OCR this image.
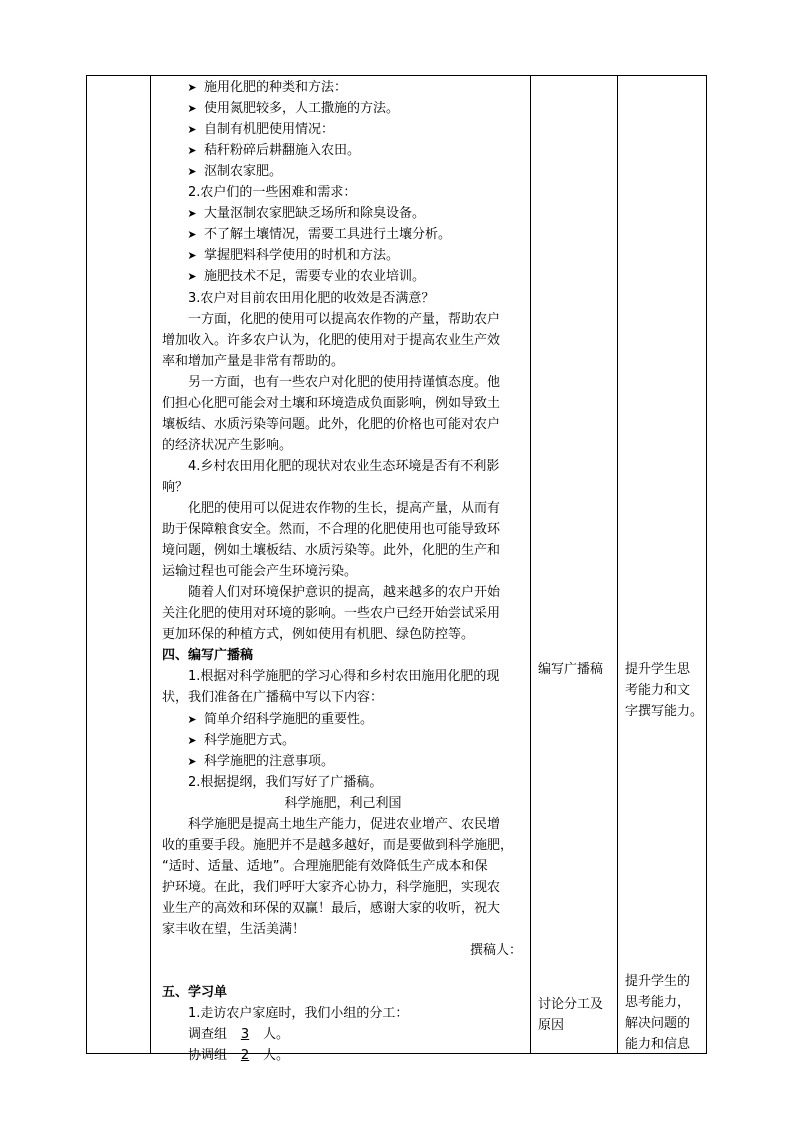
➤ 施用化肥的种类和方法：
➤ 使用氮肥较多，人工撒施的方法。
➤ 自制有机肥使用情况：
➤ 秸秆粉碎后耕翻施入农田。
➤ 沤制农家肥。
2.农户们的一些困难和需求：
➤ 大量沤制农家肥缺乏场所和除臭设备。
➤ 不了解土壤情况，需要工具进行土壤分析。
➤ 掌握肥料科学使用的时机和方法。
➤ 施肥技术不足，需要专业的农业培训。
3.农户对目前农田用化肥的收效是否满意？
一方面，化肥的使用可以提高农作物的产量，帮助农户
增加收入。许多农户认为，化肥的使用对于提高农业生产效
率和增加产量是非常有帮助的。
另一方面，也有一些农户对化肥的使用持谨慎态度。他
们担心化肥可能会对土壤和环境造成负面影响，例如导致土
壤板结、水质污染等问题。此外，化肥的价格也可能对农户
的经济状况产生影响。
4.乡村农田用化肥的现状对农业生态环境是否有不利影
响？
化肥的使用可以促进农作物的生长，提高产量，从而有
助于保障粮食安全。然而，不合理的化肥使用也可能导致环
境问题，例如土壤板结、水质污染等。此外，化肥的生产和
运输过程也可能会产生环境污染。
随着人们对环境保护意识的提高，越来越多的农户开始
关注化肥的使用对环境的影响。一些农户已经开始尝试采用
更加环保的种植方式，例如使用有机肥、绿色防控等。
四、编写广播稿
1.根据对科学施肥的学习心得和乡村农田施用化肥的现
状，我们准备在广播稿中写以下内容：
➤ 简单介绍科学施肥的重要性。
➤ 科学施肥方式。
➤ 科学施肥的注意事项。
2.根据提纲，我们写好了广播稿。
科学施肥，利己利国
科学施肥是提高土地生产能力，促进农业增产、农民增
收的重要手段。施肥并不是越多越好，而是要做到科学施肥，
“适时、适量、适地”。合理施肥能有效降低生产成本和保
护环境。在此，我们呼吁大家齐心协力，科学施肥，实现农
业生产的高效和环保的双赢！最后，感谢大家的收听，祝大
家丰收在望，生活美满！
撰稿人：
五、学习单
1.走访农户家庭时，我们小组的分工：
调查组 3 人。
协调组 2 人。
编写广播稿
讨论分工及
原因
提升学生思
考能力和文
字撰写能力。
提升学生的
思考能力，
解决问题的
能力和信息
